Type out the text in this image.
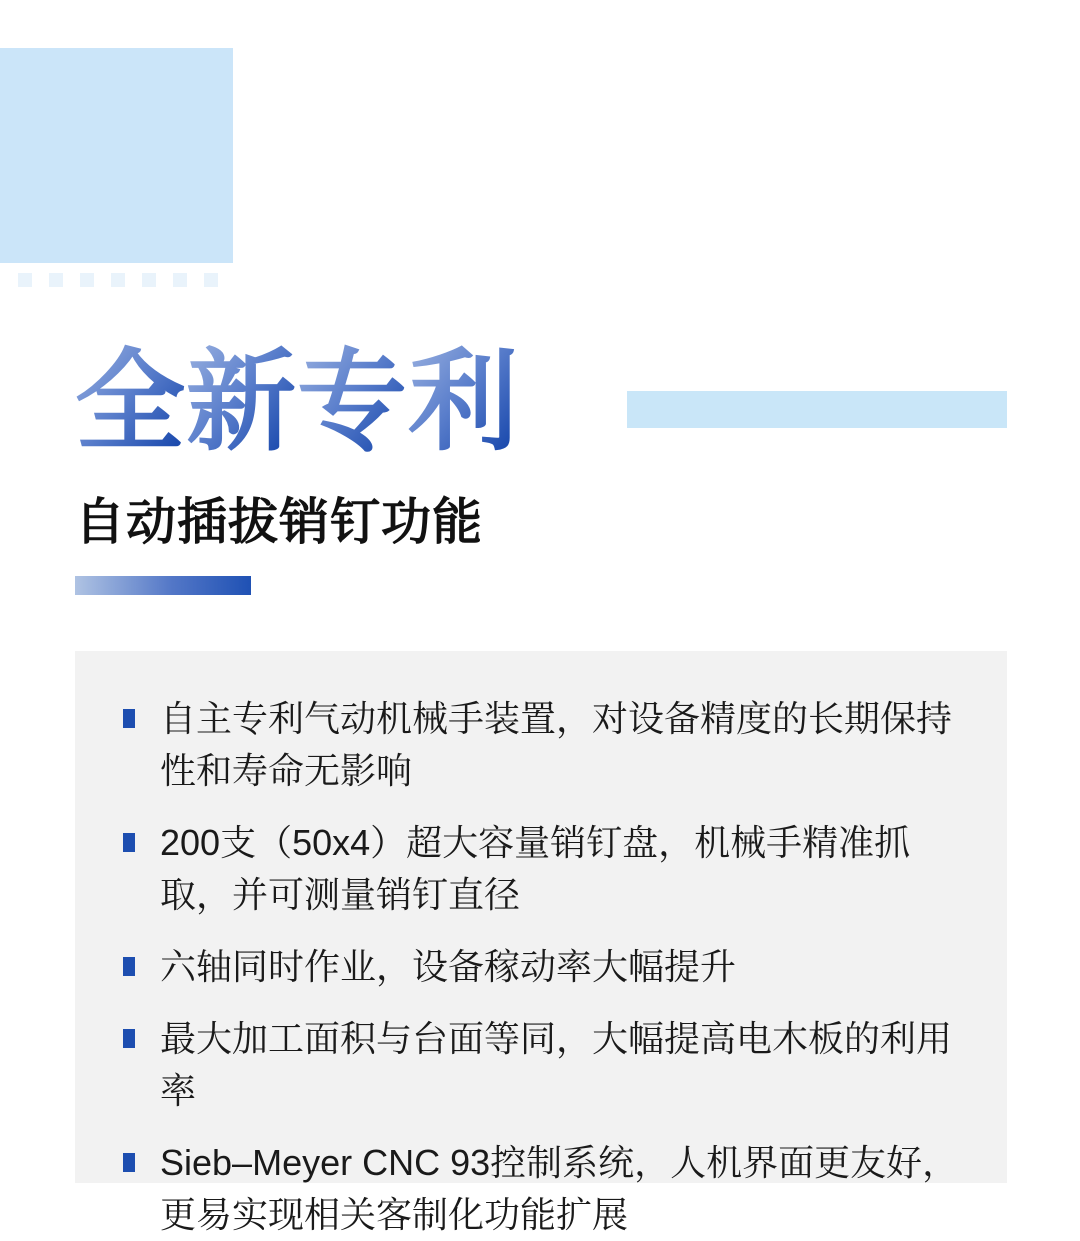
全新专利
自动插拔销钉功能
自主专利气动机械手装置，对设备精度的长期保持性和寿命无影响
200支（50x4）超大容量销钉盘，机械手精准抓取，并可测量销钉直径
六轴同时作业，设备稼动率大幅提升
最大加工面积与台面等同，大幅提高电木板的利用率
Sieb–Meyer CNC 93控制系统，人机界面更友好，更易实现相关客制化功能扩展
